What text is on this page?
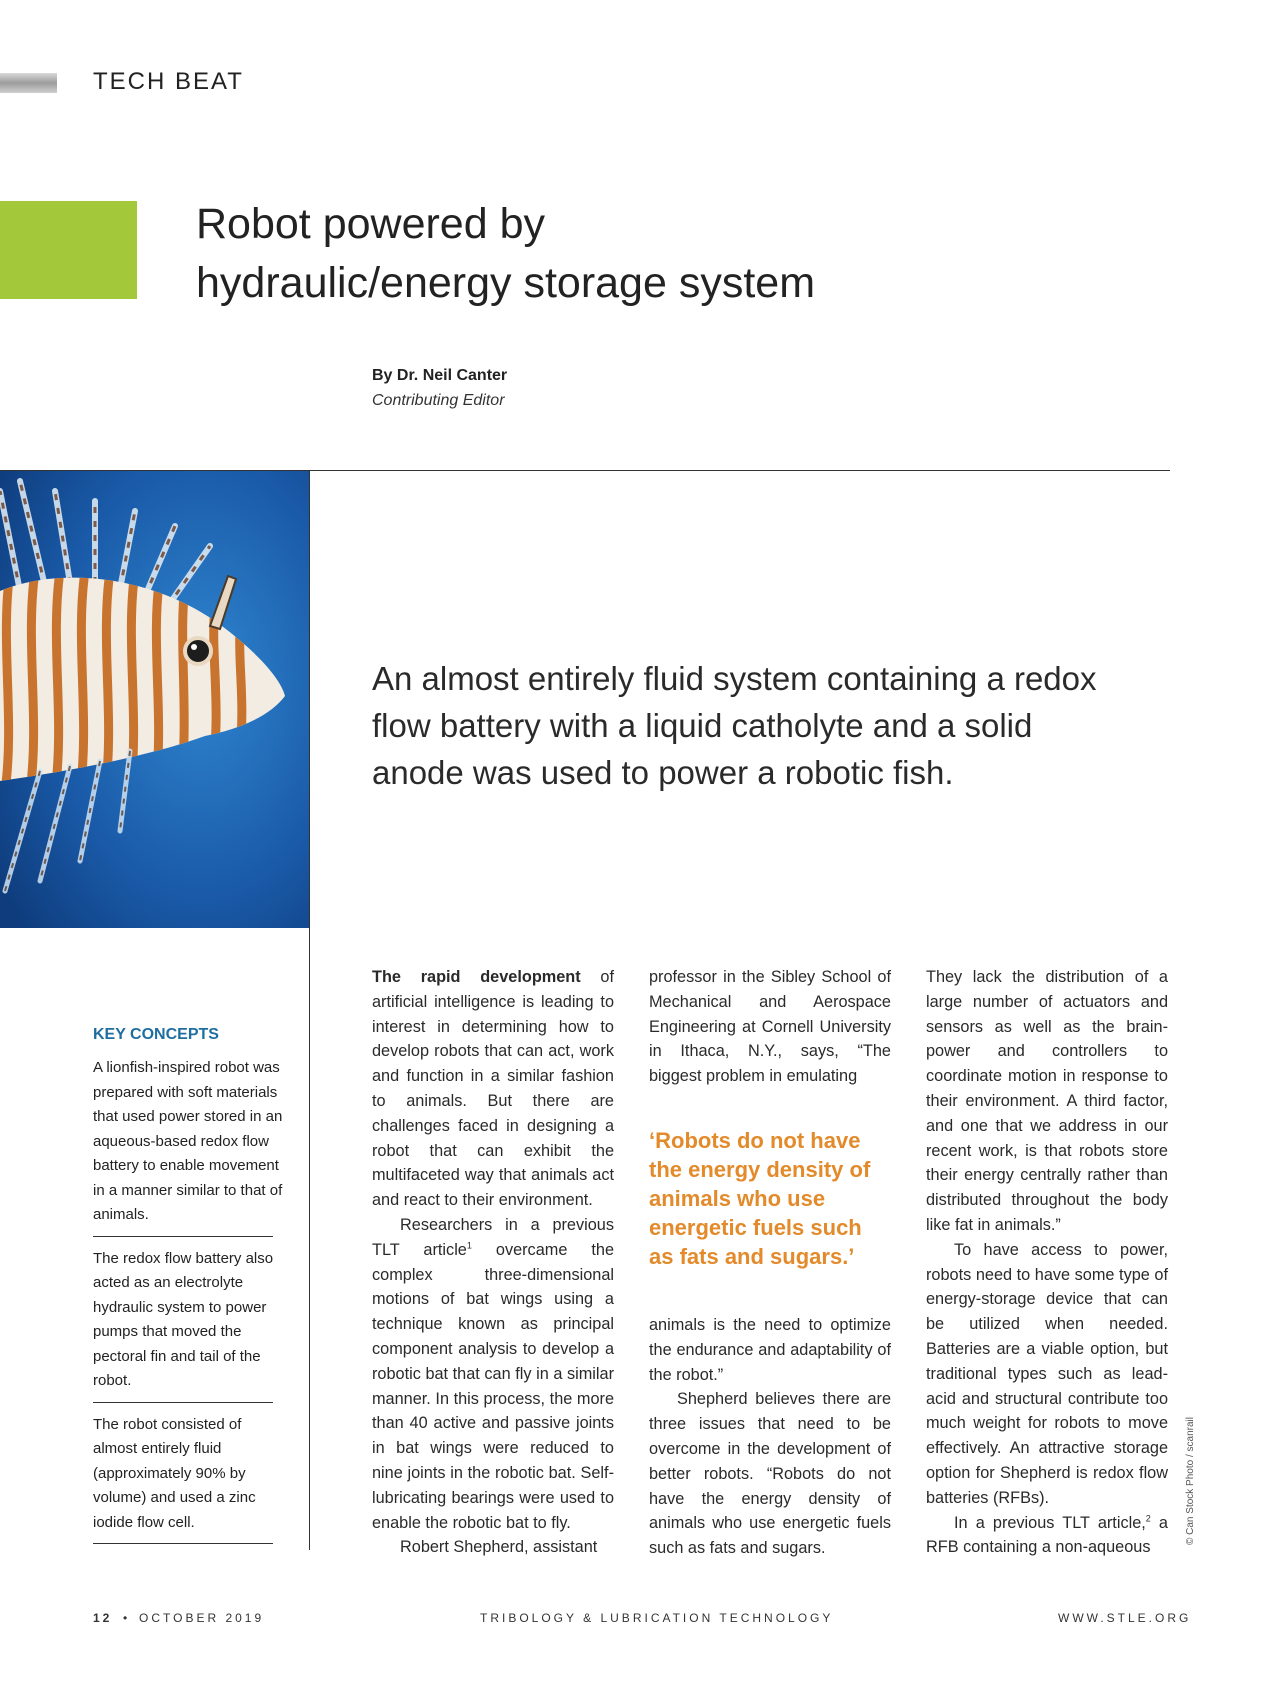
TECH BEAT
Robot powered by
hydraulic/energy storage system
By Dr. Neil Canter
Contributing Editor
An almost entirely fluid system containing a redox flow battery with a liquid catholyte and a solid anode was used to power a robotic fish.
KEY CONCEPTS
A lionfish-inspired robot was prepared with soft materials that used power stored in an aqueous-based redox flow battery to enable movement in a manner similar to that of animals.
The redox flow battery also acted as an electrolyte hydraulic system to power pumps that moved the pectoral fin and tail of the robot.
The robot consisted of almost entirely fluid (approximately 90% by volume) and used a zinc iodide flow cell.

The rapid development of artificial intelligence is leading to interest in determining how to develop robots that can act, work and function in a similar fashion to animals. But there are challenges faced in designing a robot that can exhibit the multifaceted way that animals act and react to their environment.

Researchers in a previous TLT article$^1$ overcame the complex three-dimensional motions of bat wings using a technique known as principal component analysis to develop a robotic bat that can fly in a similar manner. In this process, the more than 40 active and passive joints in bat wings were reduced to nine joints in the robotic bat. Self-lubricating bearings were used to enable the robotic bat to fly.

Robert Shepherd, assistant

professor in the Sibley School of Mechanical and Aerospace Engineering at Cornell University in Ithaca, N.Y., says, “The biggest problem in emulating

‘Robots do not have the energy density of animals who use energetic fuels such as fats and sugars.’

animals is the need to optimize the endurance and adaptability of the robot.”

Shepherd believes there are three issues that need to be overcome in the development of better robots. “Robots do not have the energy density of animals who use energetic fuels such as fats and sugars.

They lack the distribution of a large number of actuators and sensors as well as the brain-power and controllers to coordinate motion in response to their environment. A third factor, and one that we address in our recent work, is that robots store their energy centrally rather than distributed throughout the body like fat in animals.”

To have access to power, robots need to have some type of energy-storage device that can be utilized when needed. Batteries are a viable option, but traditional types such as lead-acid and structural contribute too much weight for robots to move effectively. An attractive storage option for Shepherd is redox flow batteries (RFBs).

In a previous TLT article,$^2$ a RFB containing a non-aqueous

© Can Stock Photo / scanrail
12 • OCTOBER 2019	TRIBOLOGY & LUBRICATION TECHNOLOGY	WWW.STLE.ORG
